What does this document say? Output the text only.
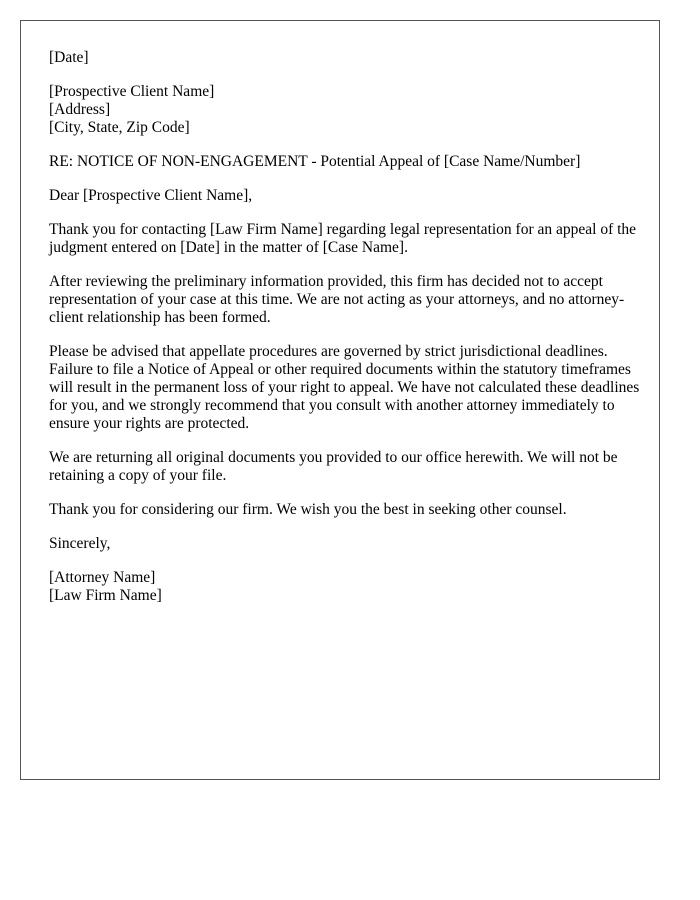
[Date]

[Prospective Client Name]
[Address]
[City, State, Zip Code]

RE: NOTICE OF NON-ENGAGEMENT - Potential Appeal of [Case Name/Number]

Dear [Prospective Client Name],

Thank you for contacting [Law Firm Name] regarding legal representation for an appeal of the judgment entered on [Date] in the matter of [Case Name].

After reviewing the preliminary information provided, this firm has decided not to accept representation of your case at this time. We are not acting as your attorneys, and no attorney-client relationship has been formed.

Please be advised that appellate procedures are governed by strict jurisdictional deadlines. Failure to file a Notice of Appeal or other required documents within the statutory timeframes will result in the permanent loss of your right to appeal. We have not calculated these deadlines for you, and we strongly recommend that you consult with another attorney immediately to ensure your rights are protected.

We are returning all original documents you provided to our office herewith. We will not be retaining a copy of your file.

Thank you for considering our firm. We wish you the best in seeking other counsel.

Sincerely,

[Attorney Name]
[Law Firm Name]
